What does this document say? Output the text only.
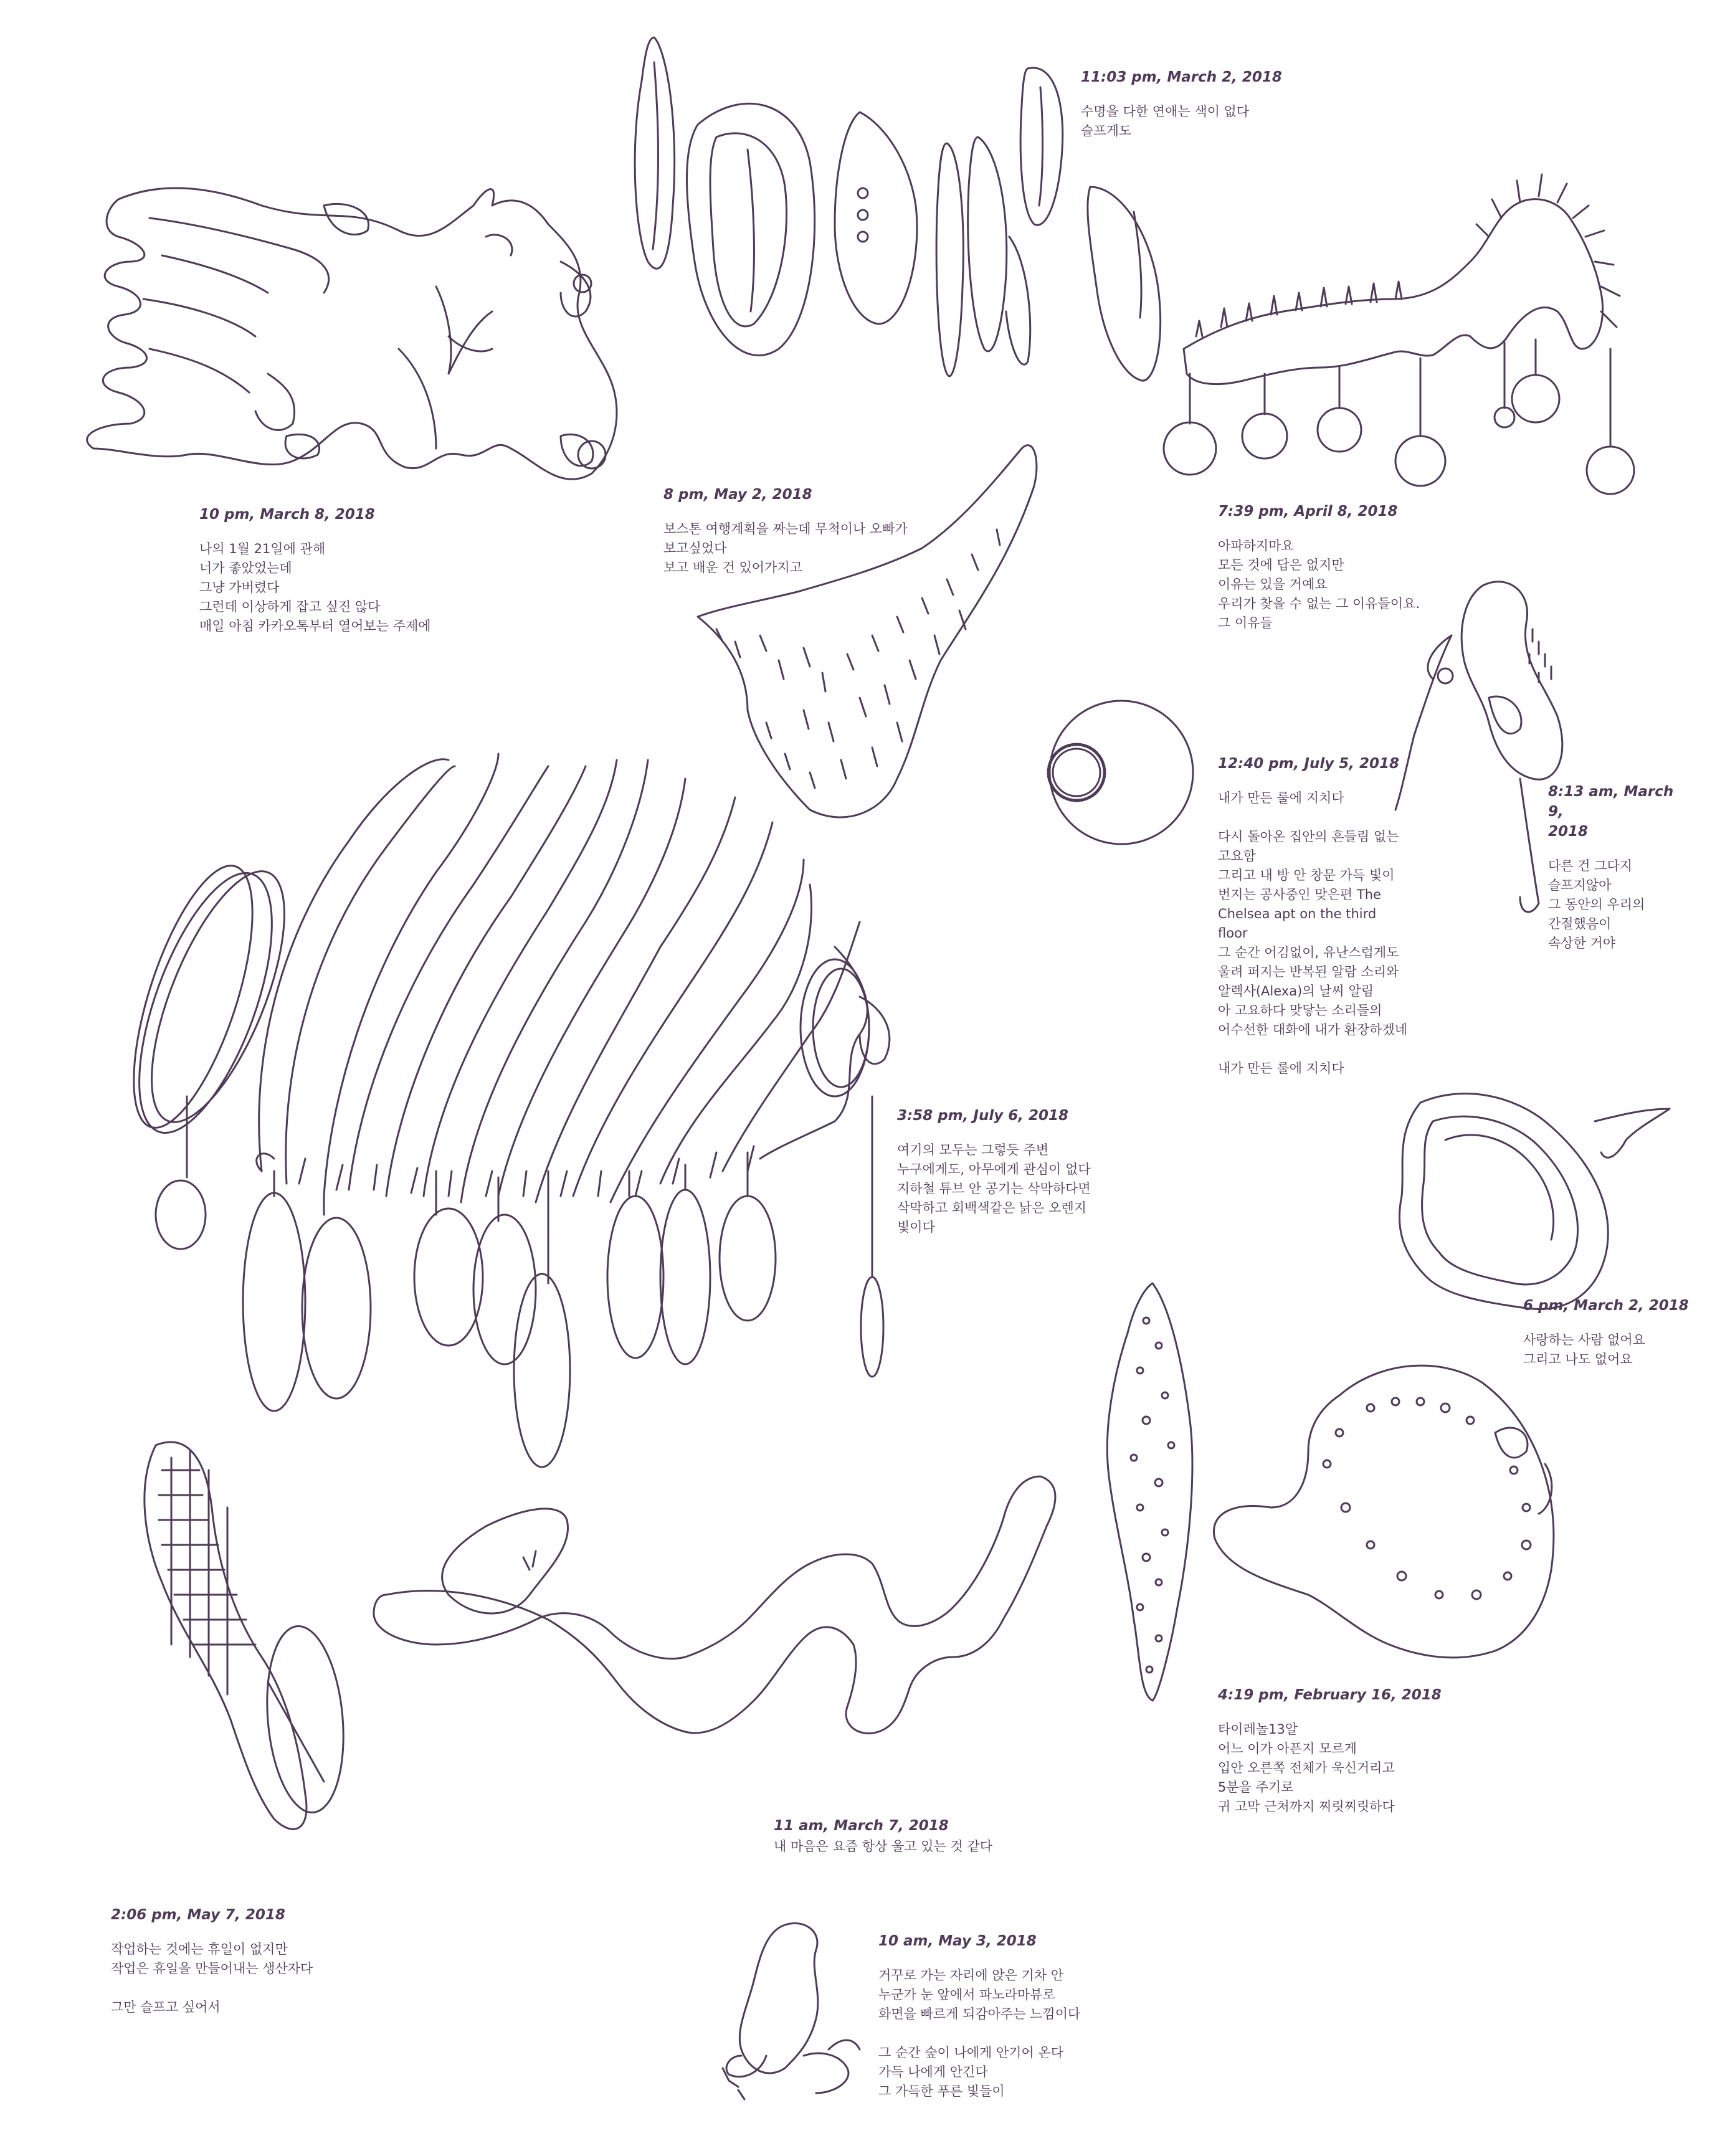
10 pm, March 8, 2018
나의 1월 21일에 관해
너가 좋았었는데
그냥 가버렸다
그런데 이상하게 잡고 싶진 않다
매일 아침 카카오톡부터 열어보는 주제에
11:03 pm, March 2, 2018
수명을 다한 연애는 색이 없다
슬프게도
8 pm, May 2, 2018
보스톤 여행계획을 짜는데 무척이나 오빠가
보고싶었다
보고 배운 건 있어가지고
7:39 pm, April 8, 2018
아파하지마요
모든 것에 답은 없지만
이유는 있을 거예요
우리가 찾을 수 없는 그 이유들이요.
그 이유들
12:40 pm, July 5, 2018
내가 만든 룰에 지치다

다시 돌아온 집안의 흔들림 없는
고요함
그리고 내 방 안 창문 가득 빛이
번지는 공사중인 맞은편 The
Chelsea apt on the third
floor
그 순간 어김없이, 유난스럽게도
울려 퍼지는 반복된 알람 소리와
알렉사(Alexa)의 날씨 알림
아 고요하다 맞닿는 소리들의
어수선한 대화에 내가 환장하겠네

내가 만든 룰에 지치다
8:13 am, March 9,
2018
다른 건 그다지
슬프지않아
그 동안의 우리의
간절했음이
속상한 거야
3:58 pm, July 6, 2018
여기의 모두는 그렇듯 주변
누구에게도, 아무에게 관심이 없다
지하철 튜브 안 공기는 삭막하다면
삭막하고 회백색같은 낡은 오렌지
빛이다
6 pm, March 2, 2018
사랑하는 사람 없어요
그리고 나도 없어요
4:19 pm, February 16, 2018
타이레놀13알
어느 이가 아픈지 모르게
입안 오른쪽 전체가 욱신거리고
5분을 주기로
귀 고막 근처까지 찌릿찌릿하다
11 am, March 7, 2018
내 마음은 요즘 항상 울고 있는 것 같다
2:06 pm, May 7, 2018
작업하는 것에는 휴일이 없지만
작업은 휴일을 만들어내는 생산자다

그만 슬프고 싶어서
10 am, May 3, 2018
거꾸로 가는 자리에 앉은 기차 안
누군가 눈 앞에서 파노라마뷰로
화면을 빠르게 되감아주는 느낌이다

그 순간 숲이 나에게 안기어 온다
가득 나에게 안긴다
그 가득한 푸른 빛들이
